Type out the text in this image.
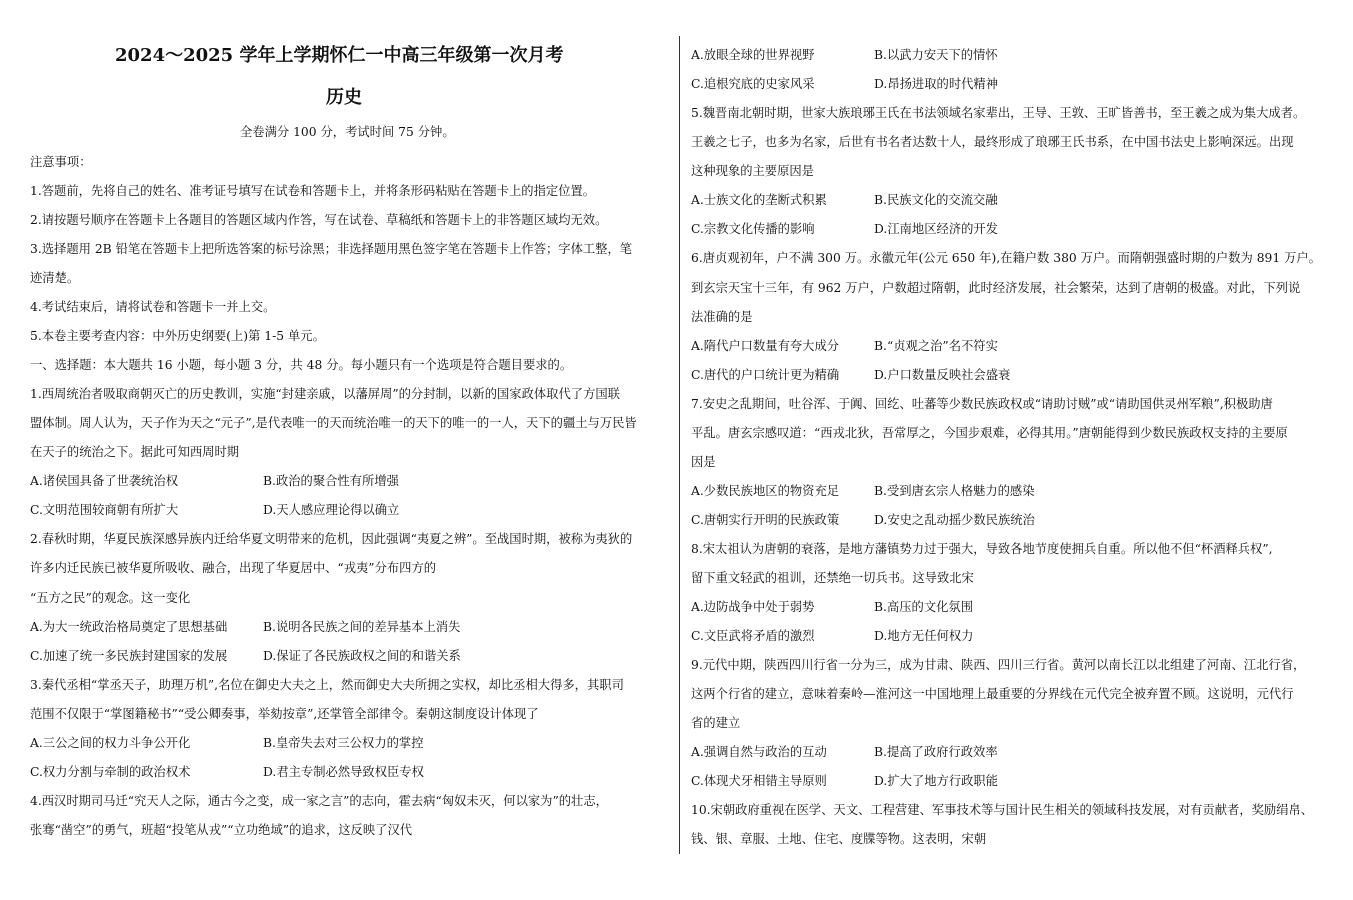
2024～2025 学年上学期怀仁一中高三年级第一次月考
历史
全卷满分 100 分，考试时间 75 分钟。
注意事项：
1.答题前，先将自己的姓名、准考证号填写在试卷和答题卡上，并将条形码粘贴在答题卡上的指定位置。
2.请按题号顺序在答题卡上各题目的答题区域内作答，写在试卷、草稿纸和答题卡上的非答题区域均无效。
3.选择题用 2B 铅笔在答题卡上把所选答案的标号涂黑；非选择题用黑色签字笔在答题卡上作答；字体工整，笔
迹清楚。
4.考试结束后，请将试卷和答题卡一并上交。
5.本卷主要考查内容：中外历史纲要(上)第 1-5 单元。
一、选择题：本大题共 16 小题，每小题 3 分，共 48 分。每小题只有一个选项是符合题目要求的。
1.西周统治者吸取商朝灭亡的历史教训，实施“封建亲戚，以藩屏周”的分封制，以新的国家政体取代了方国联
盟体制。周人认为，天子作为天之“元子”,是代表唯一的天而统治唯一的天下的唯一的一人，天下的疆土与万民皆
在天子的统治之下。据此可知西周时期
A.诸侯国具备了世袭统治权	B.政治的聚合性有所增强
C.文明范围较商朝有所扩大	D.天人感应理论得以确立
2.春秋时期，华夏民族深感异族内迁给华夏文明带来的危机，因此强调“夷夏之辨”。至战国时期，被称为夷狄的
许多内迁民族已被华夏所吸收、融合，出现了华夏居中、“戎夷”分布四方的
“五方之民”的观念。这一变化
A.为大一统政治格局奠定了思想基础	B.说明各民族之间的差异基本上消失
C.加速了统一多民族封建国家的发展	D.保证了各民族政权之间的和谐关系
3.秦代丞相“掌丞天子，助理万机”,名位在御史大夫之上，然而御史大夫所拥之实权，却比丞相大得多，其职司
范围不仅限于“掌图籍秘书”“受公卿奏事，举劾按章”,还掌管全部律令。秦朝这制度设计体现了
A.三公之间的权力斗争公开化	B.皇帝失去对三公权力的掌控
C.权力分割与牵制的政治权术	D.君主专制必然导致权臣专权
4.西汉时期司马迁“究天人之际，通古今之变，成一家之言”的志向，霍去病“匈奴未灭，何以家为”的壮志，
张骞“凿空”的勇气，班超“投笔从戎”“立功绝域”的追求，这反映了汉代
A.放眼全球的世界视野	B.以武力安天下的情怀
C.追根究底的史家风采	D.昂扬进取的时代精神
5.魏晋南北朝时期，世家大族琅琊王氏在书法领域名家辈出，王导、王敦、王旷皆善书，至王羲之成为集大成者。
王羲之七子，也多为名家，后世有书名者达数十人，最终形成了琅琊王氏书系，在中国书法史上影响深远。出现
这种现象的主要原因是
A.士族文化的垄断式积累	B.民族文化的交流交融
C.宗教文化传播的影响	D.江南地区经济的开发
6.唐贞观初年，户不满 300 万。永徽元年(公元 650 年),在籍户数 380 万户。而隋朝强盛时期的户数为 891 万户。
到玄宗天宝十三年，有 962 万户，户数超过隋朝，此时经济发展，社会繁荣，达到了唐朝的极盛。对此，下列说
法准确的是
A.隋代户口数量有夸大成分	B.“贞观之治”名不符实
C.唐代的户口统计更为精确	D.户口数量反映社会盛衰
7.安史之乱期间，吐谷浑、于阗、回纥、吐蕃等少数民族政权或“请助讨贼”或“请助国供灵州军粮”,积极助唐
平乱。唐玄宗感叹道：“西戎北狄，吾常厚之，今国步艰难，必得其用。”唐朝能得到少数民族政权支持的主要原
因是
A.少数民族地区的物资充足	B.受到唐玄宗人格魅力的感染
C.唐朝实行开明的民族政策	D.安史之乱动摇少数民族统治
8.宋太祖认为唐朝的衰落，是地方藩镇势力过于强大，导致各地节度使拥兵自重。所以他不但“杯酒释兵权”,
留下重文轻武的祖训，还禁绝一切兵书。这导致北宋
A.边防战争中处于弱势	B.高压的文化氛围
C.文臣武将矛盾的激烈	D.地方无任何权力
9.元代中期，陕西四川行省一分为三，成为甘肃、陕西、四川三行省。黄河以南长江以北组建了河南、江北行省，
这两个行省的建立，意味着秦岭—淮河这一中国地理上最重要的分界线在元代完全被弃置不顾。这说明，元代行
省的建立
A.强调自然与政治的互动	B.提高了政府行政效率
C.体现犬牙相错主导原则	D.扩大了地方行政职能
10.宋朝政府重视在医学、天文、工程营建、军事技术等与国计民生相关的领域科技发展，对有贡献者，奖励绢帛、
钱、银、章服、土地、住宅、度牒等物。这表明，宋朝
